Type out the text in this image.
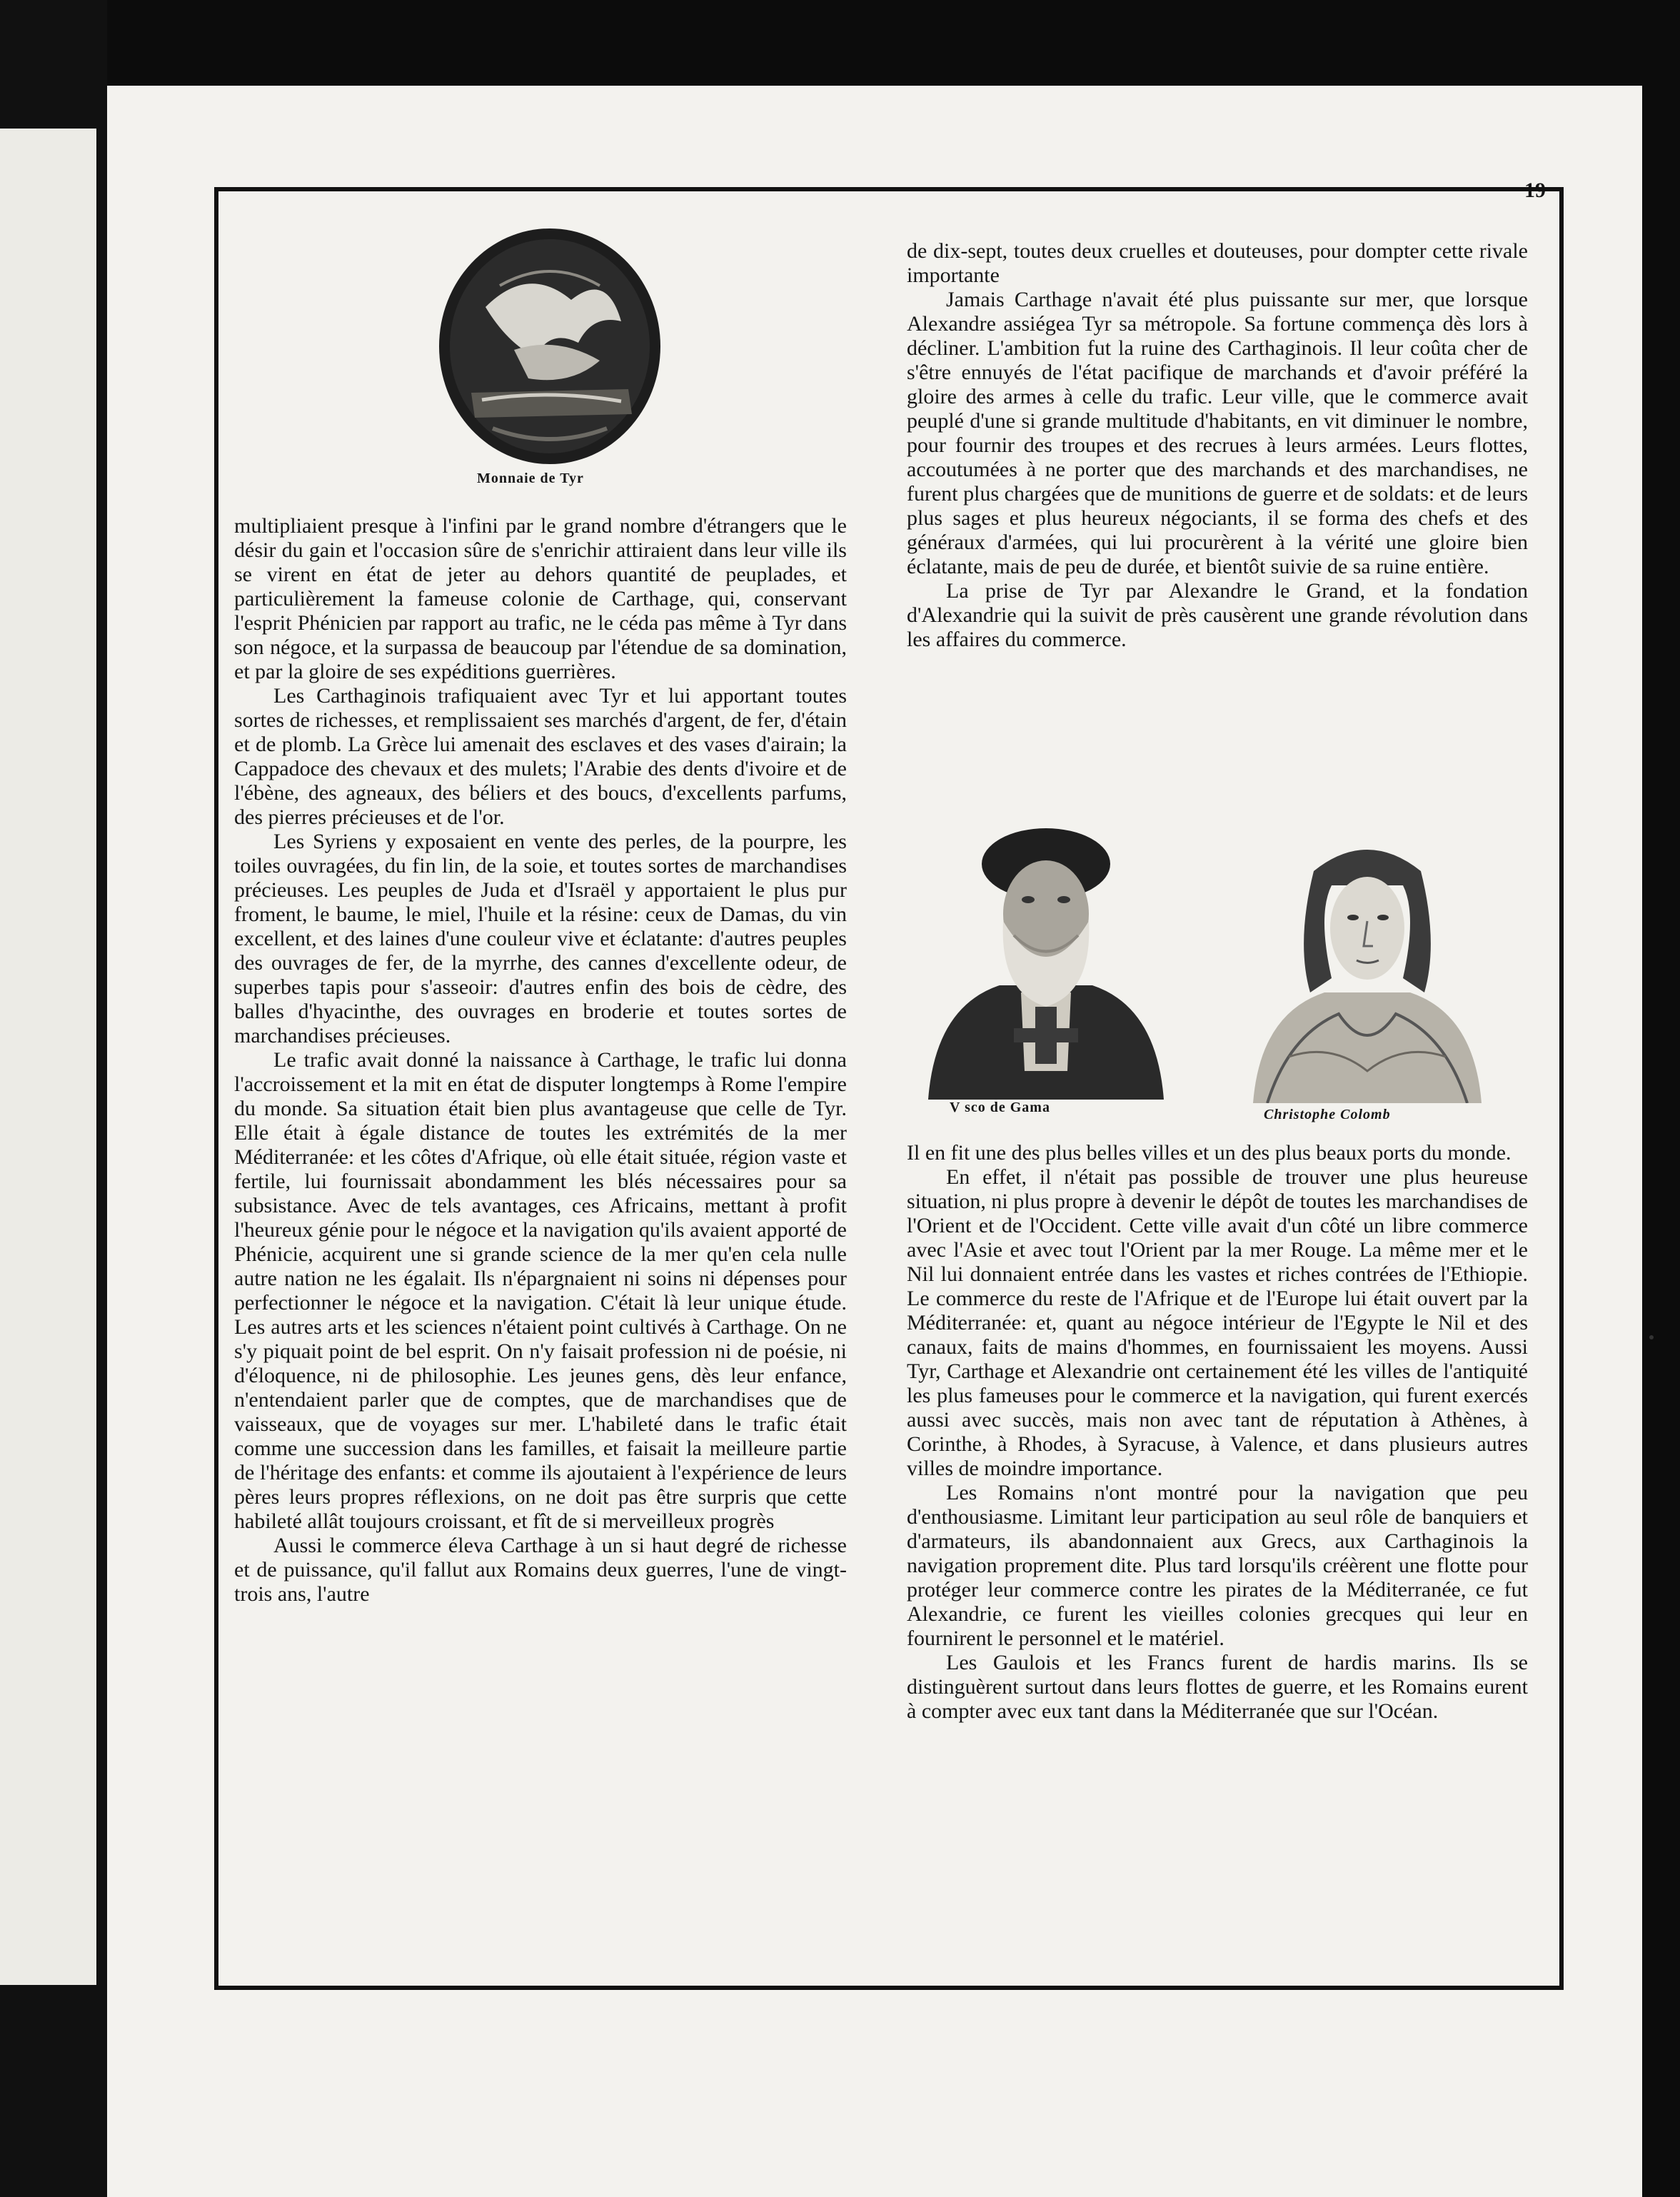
19
Monnaie de Tyr

multipliaient presque à l'infini par le grand nombre d'étrangers que le désir du gain et l'occasion sûre de s'enrichir attiraient dans leur ville ils se virent en état de jeter au dehors quantité de peuplades, et particulièrement la fameuse colonie de Carthage, qui, conservant l'esprit Phénicien par rapport au trafic, ne le céda pas même à Tyr dans son négoce, et la surpassa de beaucoup par l'étendue de sa domination, et par la gloire de ses expéditions guerrières.

Les Carthaginois trafiquaient avec Tyr et lui apportant toutes sortes de richesses, et remplissaient ses marchés d'argent, de fer, d'étain et de plomb. La Grèce lui amenait des esclaves et des vases d'airain; la Cappadoce des chevaux et des mulets; l'Arabie des dents d'ivoire et de l'ébène, des agneaux, des béliers et des boucs, d'excellents parfums, des pierres précieuses et de l'or.

Les Syriens y exposaient en vente des perles, de la pourpre, les toiles ouvragées, du fin lin, de la soie, et toutes sortes de marchandises précieuses. Les peuples de Juda et d'Israël y apportaient le plus pur froment, le baume, le miel, l'huile et la résine: ceux de Damas, du vin excellent, et des laines d'une couleur vive et éclatante: d'autres peuples des ouvrages de fer, de la myrrhe, des cannes d'excellente odeur, de superbes tapis pour s'asseoir: d'autres enfin des bois de cèdre, des balles d'hyacinthe, des ouvrages en broderie et toutes sortes de marchandises précieuses.

Le trafic avait donné la naissance à Carthage, le trafic lui donna l'accroissement et la mit en état de disputer longtemps à Rome l'empire du monde. Sa situation était bien plus avantageuse que celle de Tyr. Elle était à égale distance de toutes les extrémités de la mer Méditerranée: et les côtes d'Afrique, où elle était située, région vaste et fertile, lui fournissait abondamment les blés nécessaires pour sa subsistance. Avec de tels avantages, ces Africains, mettant à profit l'heureux génie pour le négoce et la navigation qu'ils avaient apporté de Phénicie, acquirent une si grande science de la mer qu'en cela nulle autre nation ne les égalait. Ils n'épargnaient ni soins ni dépenses pour perfectionner le négoce et la navigation. C'était là leur unique étude. Les autres arts et les sciences n'étaient point cultivés à Carthage. On ne s'y piquait point de bel esprit. On n'y faisait profession ni de poésie, ni d'éloquence, ni de philosophie. Les jeunes gens, dès leur enfance, n'entendaient parler que de comptes, que de marchandises que de vaisseaux, que de voyages sur mer. L'habileté dans le trafic était comme une succession dans les familles, et faisait la meilleure partie de l'héritage des enfants: et comme ils ajoutaient à l'expérience de leurs pères leurs propres réflexions, on ne doit pas être surpris que cette habileté allât toujours croissant, et fît de si merveilleux progrès

Aussi le commerce éleva Carthage à un si haut degré de richesse et de puissance, qu'il fallut aux Romains deux guerres, l'une de vingt-trois ans, l'autre

de dix-sept, toutes deux cruelles et douteuses, pour dompter cette rivale importante

Jamais Carthage n'avait été plus puissante sur mer, que lorsque Alexandre assiégea Tyr sa métropole. Sa fortune commença dès lors à décliner. L'ambition fut la ruine des Carthaginois. Il leur coûta cher de s'être ennuyés de l'état pacifique de marchands et d'avoir préféré la gloire des armes à celle du trafic. Leur ville, que le commerce avait peuplé d'une si grande multitude d'habitants, en vit diminuer le nombre, pour fournir des troupes et des recrues à leurs armées. Leurs flottes, accoutumées à ne porter que des marchands et des marchandises, ne furent plus chargées que de munitions de guerre et de soldats: et de leurs plus sages et plus heureux négociants, il se forma des chefs et des généraux d'armées, qui lui procurèrent à la vérité une gloire bien éclatante, mais de peu de durée, et bientôt suivie de sa ruine entière.

La prise de Tyr par Alexandre le Grand, et la fondation d'Alexandrie qui la suivit de près causèrent une grande révolution dans les affaires du commerce.

V sco de Gama	Christophe Colomb

Il en fit une des plus belles villes et un des plus beaux ports du monde.

En effet, il n'était pas possible de trouver une plus heureuse situation, ni plus propre à devenir le dépôt de toutes les marchandises de l'Orient et de l'Occident. Cette ville avait d'un côté un libre commerce avec l'Asie et avec tout l'Orient par la mer Rouge. La même mer et le Nil lui donnaient entrée dans les vastes et riches contrées de l'Ethiopie. Le commerce du reste de l'Afrique et de l'Europe lui était ouvert par la Méditerranée: et, quant au négoce intérieur de l'Egypte le Nil et des canaux, faits de mains d'hommes, en fournissaient les moyens. Aussi Tyr, Carthage et Alexandrie ont certainement été les villes de l'antiquité les plus fameuses pour le commerce et la navigation, qui furent exercés aussi avec succès, mais non avec tant de réputation à Athènes, à Corinthe, à Rhodes, à Syracuse, à Valence, et dans plusieurs autres villes de moindre importance.

Les Romains n'ont montré pour la navigation que peu d'enthousiasme. Limitant leur participation au seul rôle de banquiers et d'armateurs, ils abandonnaient aux Grecs, aux Carthaginois la navigation proprement dite. Plus tard lorsqu'ils créèrent une flotte pour protéger leur commerce contre les pirates de la Méditerranée, ce fut Alexandrie, ce furent les vieilles colonies grecques qui leur en fournirent le personnel et le matériel.

Les Gaulois et les Francs furent de hardis marins. Ils se distinguèrent surtout dans leurs flottes de guerre, et les Romains eurent à compter avec eux tant dans la Méditerranée que sur l'Océan.
